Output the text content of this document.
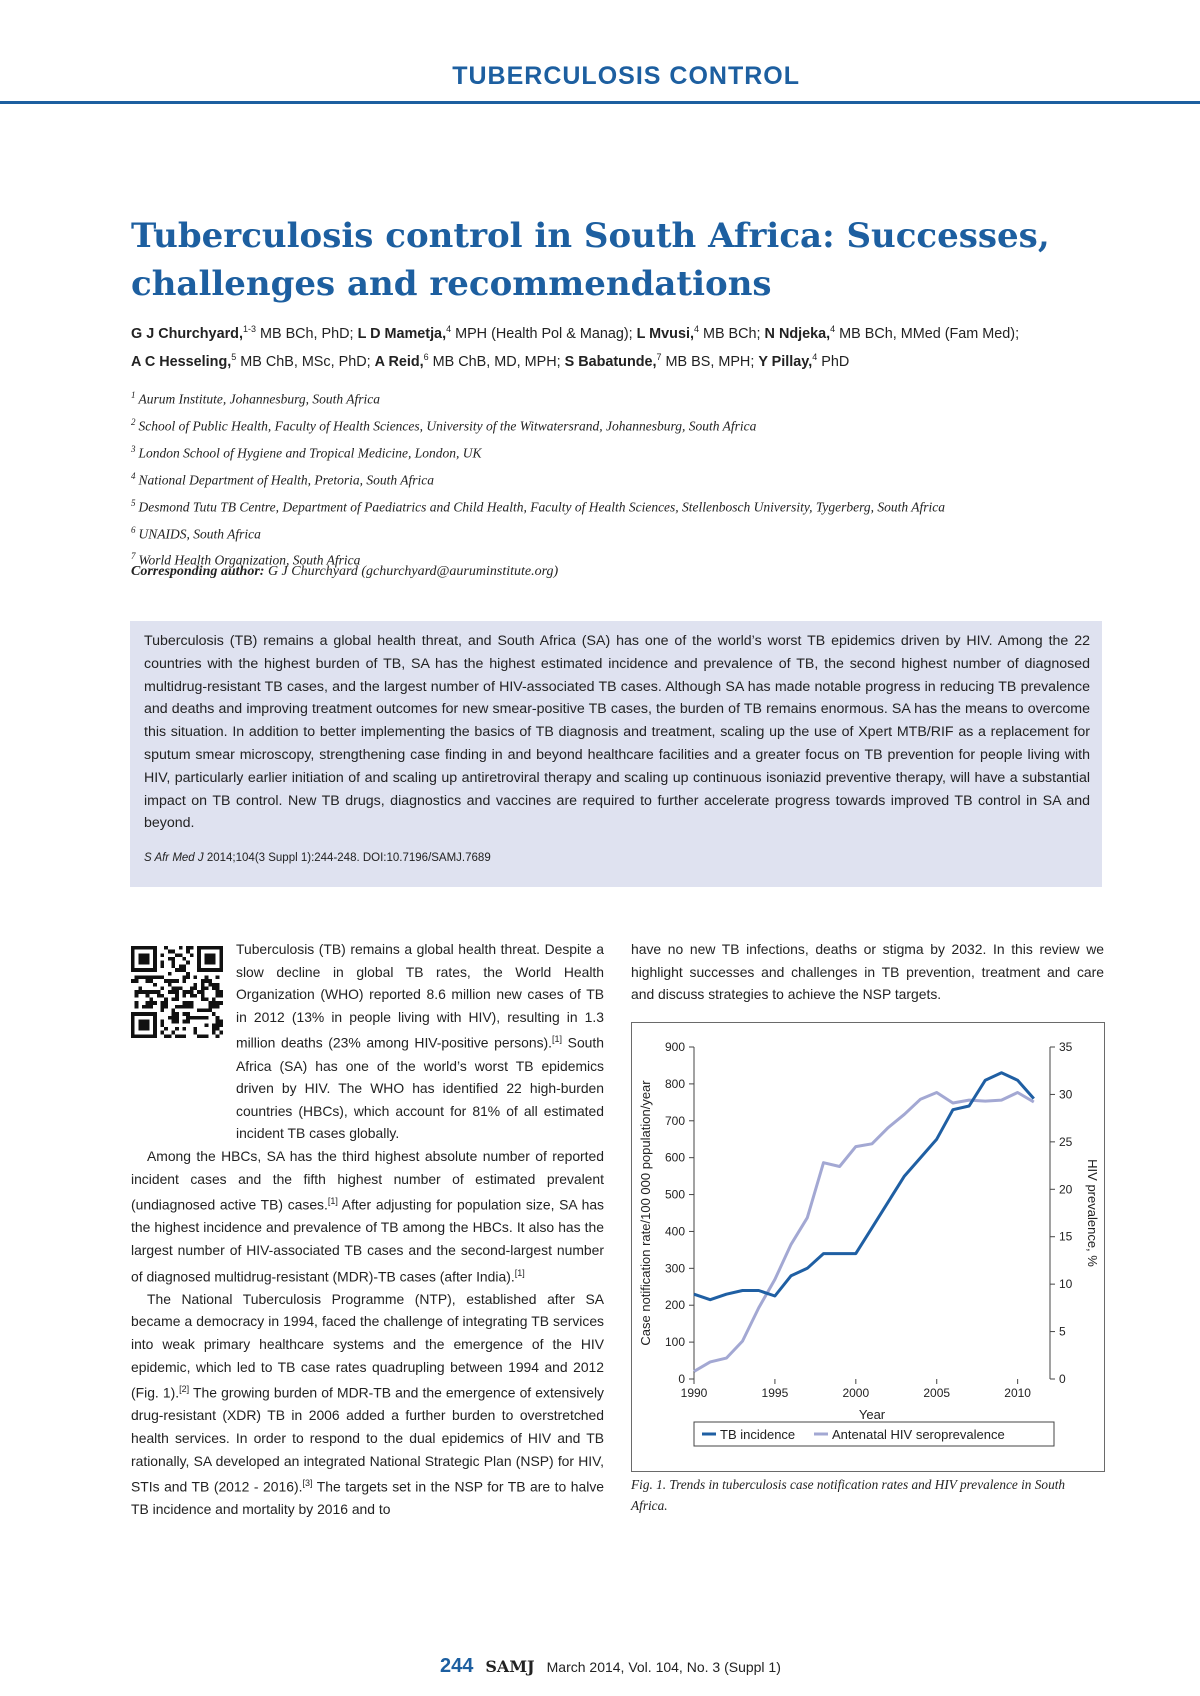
TUBERCULOSIS CONTROL
Tuberculosis control in South Africa: Successes,
challenges and recommendations
G J Churchyard,$^{1-3}$ MB BCh, PhD; L D Mametja,$^4$ MPH (Health Pol & Manag); L Mvusi,$^4$ MB BCh; N Ndjeka,$^4$ MB BCh, MMed (Fam Med);
A C Hesseling,$^5$ MB ChB, MSc, PhD; A Reid,$^6$ MB ChB, MD, MPH; S Babatunde,$^7$ MB BS, MPH; Y Pillay,$^4$ PhD
$^1$ Aurum Institute, Johannesburg, South Africa
$^2$ School of Public Health, Faculty of Health Sciences, University of the Witwatersrand, Johannesburg, South Africa
$^3$ London School of Hygiene and Tropical Medicine, London, UK
$^4$ National Department of Health, Pretoria, South Africa
$^5$ Desmond Tutu TB Centre, Department of Paediatrics and Child Health, Faculty of Health Sciences, Stellenbosch University, Tygerberg, South Africa
$^6$ UNAIDS, South Africa
$^7$ World Health Organization, South Africa
Corresponding author: G J Churchyard (gchurchyard@auruminstitute.org)
Tuberculosis (TB) remains a global health threat, and South Africa (SA) has one of the world’s worst TB epidemics driven by HIV. Among the 22 countries with the highest burden of TB, SA has the highest estimated incidence and prevalence of TB, the second highest number of diagnosed multidrug-resistant TB cases, and the largest number of HIV-associated TB cases. Although SA has made notable progress in reducing TB prevalence and deaths and improving treatment outcomes for new smear-positive TB cases, the burden of TB remains enormous. SA has the means to overcome this situation. In addition to better implementing the basics of TB diagnosis and treatment, scaling up the use of Xpert MTB/RIF as a replacement for sputum smear microscopy, strengthening case finding in and beyond healthcare facilities and a greater focus on TB prevention for people living with HIV, particularly earlier initiation of and scaling up antiretroviral therapy and scaling up continuous isoniazid preventive therapy, will have a substantial impact on TB control. New TB drugs, diagnostics and vaccines are required to further accelerate progress towards improved TB control in SA and beyond.
S Afr Med J 2014;104(3 Suppl 1):244-248. DOI:10.7196/SAMJ.7689

Tuberculosis (TB) remains a global health threat. Despite a slow decline in global TB rates, the World Health Organization (WHO) reported 8.6 million new cases of TB in 2012 (13% in people living with HIV), resulting in 1.3 million deaths (23% among HIV-positive persons).[1] South Africa (SA) has one of the world’s worst TB epidemics driven by HIV. The WHO has identified 22 high-burden countries (HBCs), which account for 81% of all estimated incident TB cases globally.

Among the HBCs, SA has the third highest absolute number of reported incident cases and the fifth highest number of estimated prevalent (undiagnosed active TB) cases.[1] After adjusting for population size, SA has the highest incidence and prevalence of TB among the HBCs. It also has the largest number of HIV-associated TB cases and the second-largest number of diagnosed multidrug-resistant (MDR)-TB cases (after India).[1]

The National Tuberculosis Programme (NTP), established after SA became a democracy in 1994, faced the challenge of integrating TB services into weak primary healthcare systems and the emergence of the HIV epidemic, which led to TB case rates quadrupling between 1994 and 2012 (Fig. 1).[2] The growing burden of MDR-TB and the emergence of extensively drug-resistant (XDR) TB in 2006 added a further burden to overstretched health services. In order to respond to the dual epidemics of HIV and TB rationally, SA developed an integrated National Strategic Plan (NSP) for HIV, STIs and TB (2012 - 2016).[3] The targets set in the NSP for TB are to halve TB incidence and mortality by 2016 and to

have no new TB infections, deaths or stigma by 2032. In this review we highlight successes and challenges in TB prevention, treatment and care and discuss strategies to achieve the NSP targets.

0
100
200
300
400
500
600
700
800
900
0
5
10
15
20
25
30
35
1990	1995	2000	2005	2010
Year
Case notification rate/100 000 population/year	HIV prevalence, %
TB incidence	Antenatal HIV seroprevalence
Fig. 1. Trends in tuberculosis case notification rates and HIV prevalence in South Africa.
244 SAMJ March 2014, Vol. 104, No. 3 (Suppl 1)
